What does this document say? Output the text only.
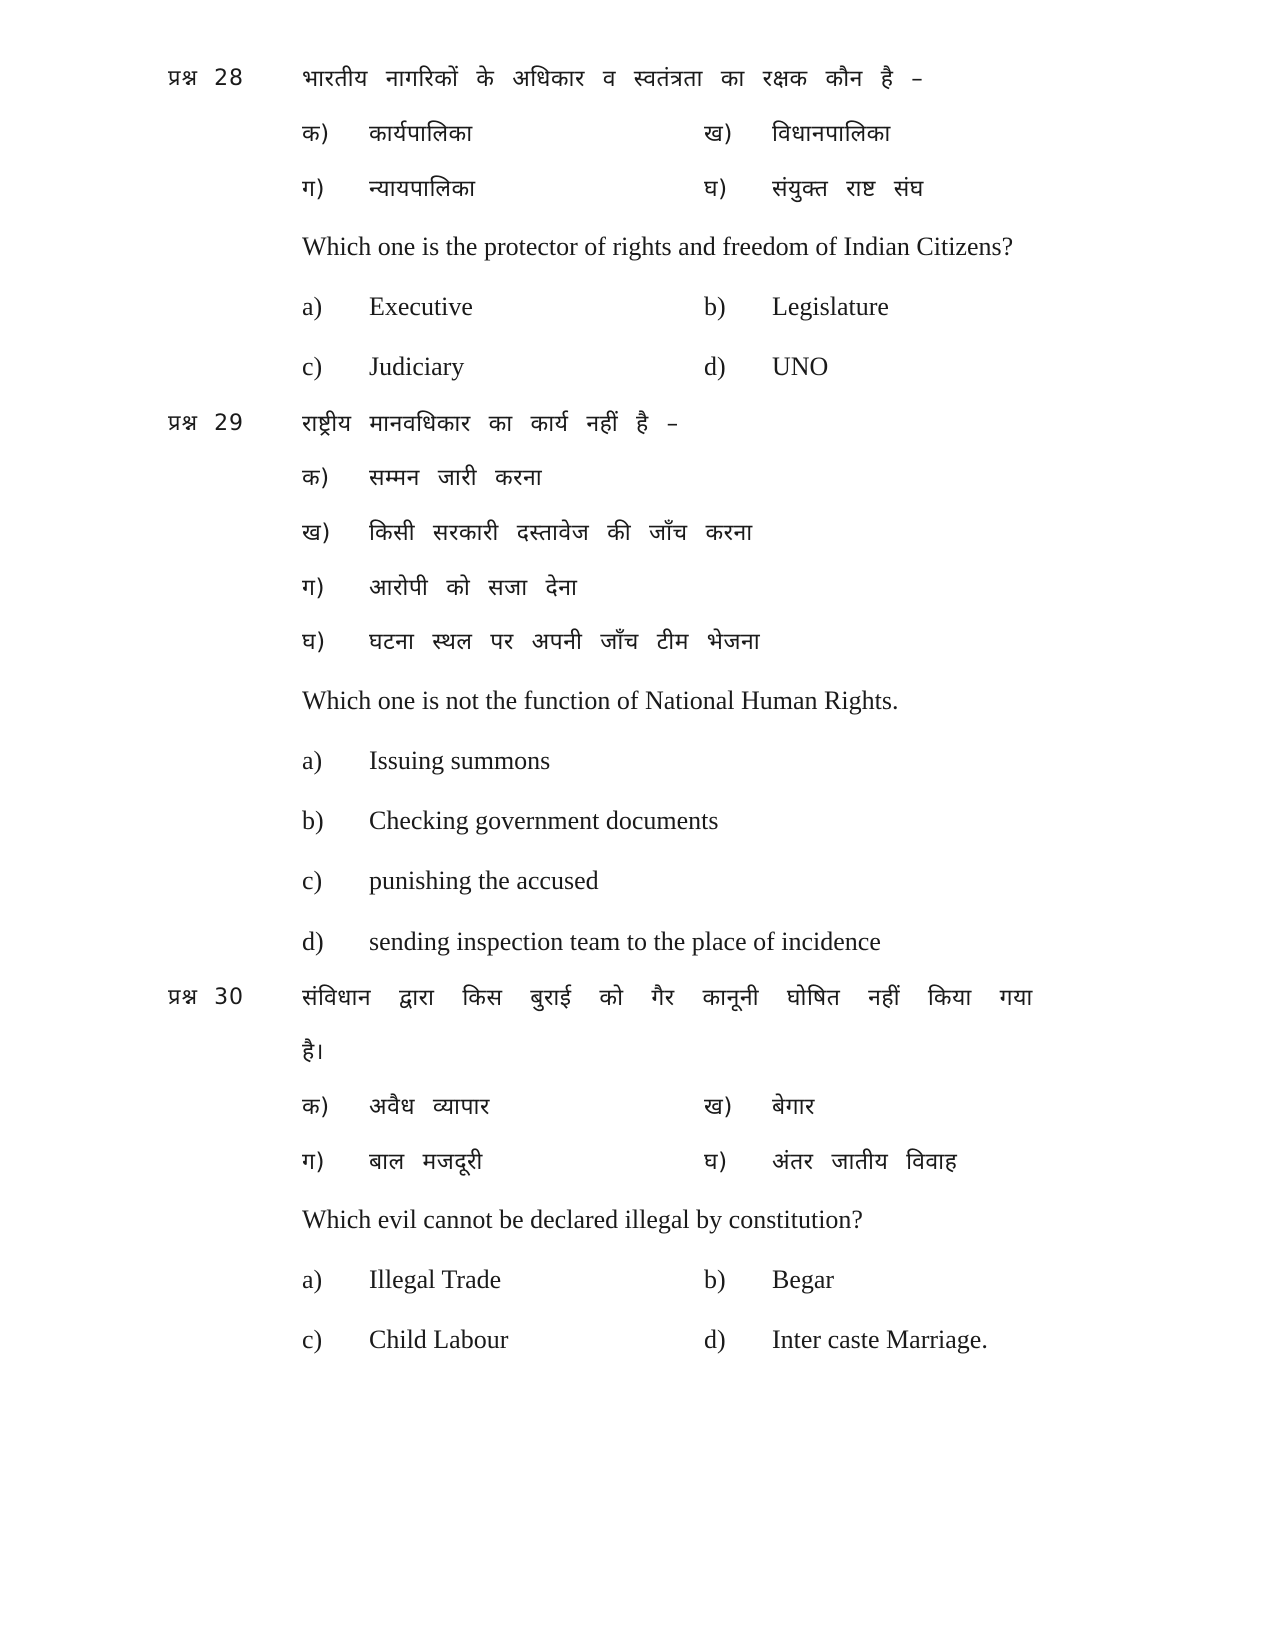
प्रश्न 28	भारतीय नागरिकों के अधिकार व स्वतंत्रता का रक्षक कौन है –
क) कार्यपालिका	ख) विधानपालिका
ग) न्यायपालिका	घ) संयुक्त राष्ट संघ
Which one is the protector of rights and freedom of Indian Citizens?
a) Executive	b) Legislature
c) Judiciary	d) UNO
प्रश्न 29	राष्ट्रीय मानवधिकार का कार्य नहीं है –
क) सम्मन जारी करना
ख) किसी सरकारी दस्तावेज की जाँच करना
ग) आरोपी को सजा देना
घ) घटना स्थल पर अपनी जाँच टीम भेजना
Which one is not the function of National Human Rights.
a) Issuing summons
b) Checking government documents
c) punishing the accused
d) sending inspection team to the place of incidence
प्रश्न 30	संविधान द्वारा किस बुराई को गैर कानूनी घोषित नहीं किया गया
है।
क) अवैध व्यापार	ख) बेगार
ग) बाल मजदूरी	घ) अंतर जातीय विवाह
Which evil cannot be declared illegal by constitution?
a) Illegal Trade	b) Begar
c) Child Labour	d) Inter caste Marriage.
